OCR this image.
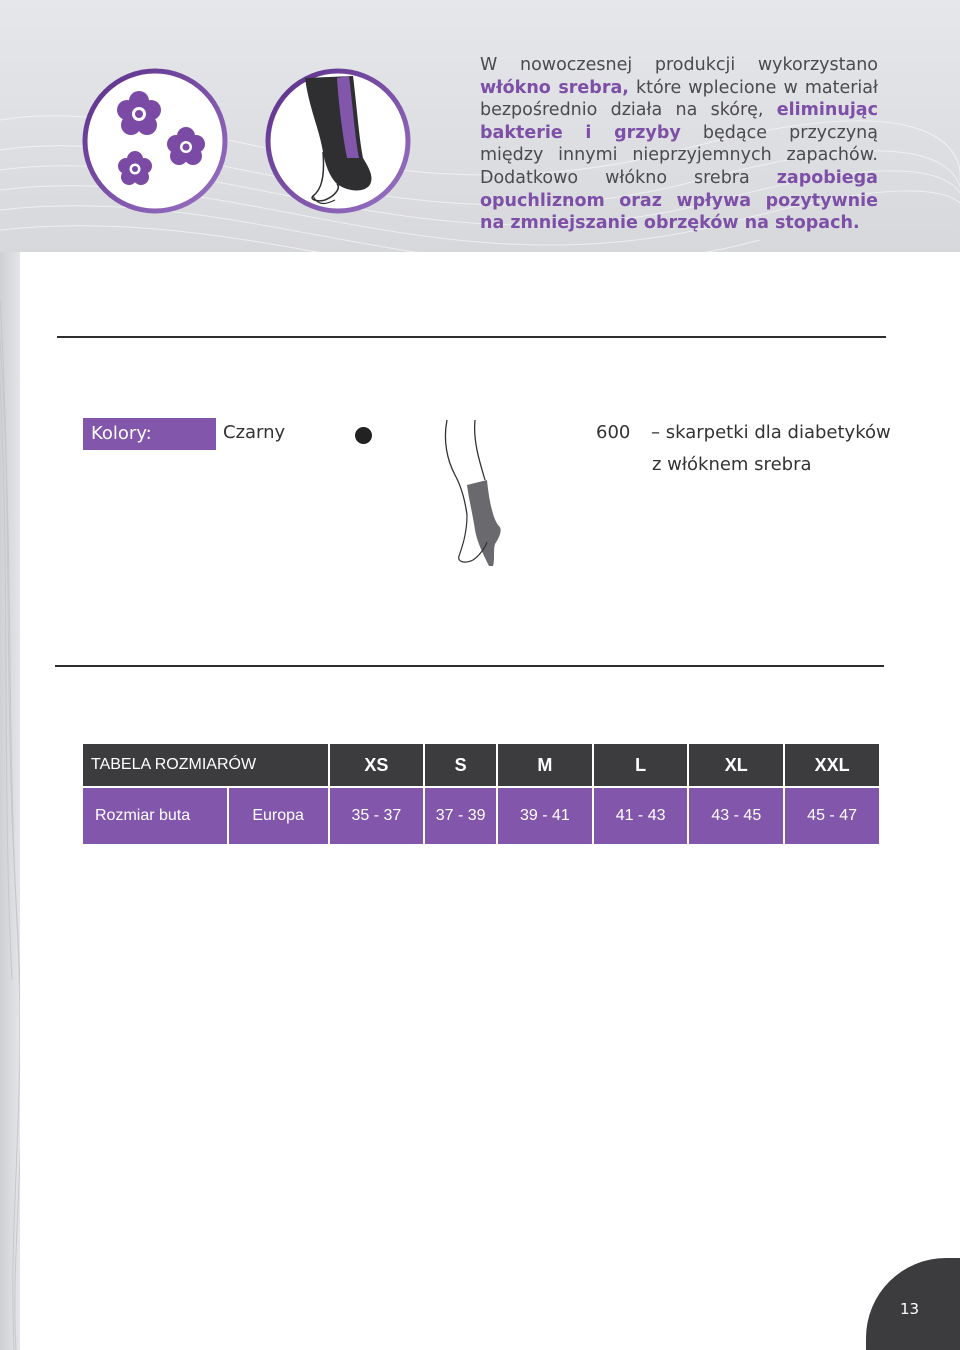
W nowoczesnej produkcji wykorzystano włókno srebra, które wplecione w materiał bezpośrednio działa na skórę, eliminując bakterie i grzyby będące przyczyną między innymi nieprzyjemnych zapachów. Dodatkowo włókno srebra zapobiega opuchliznom oraz wpływa pozytywnie na zmniejszanie obrzęków na stopach.
Kolory:	Czarny	600 – skarpetki dla diabetyków
z włóknem srebra
TABELA ROZMIARÓW		XS	S	M	L	XL	XXL
Rozmiar buta	Europa	35 - 37	37 - 39	39 - 41	41 - 43	43 - 45	45 - 47
13
